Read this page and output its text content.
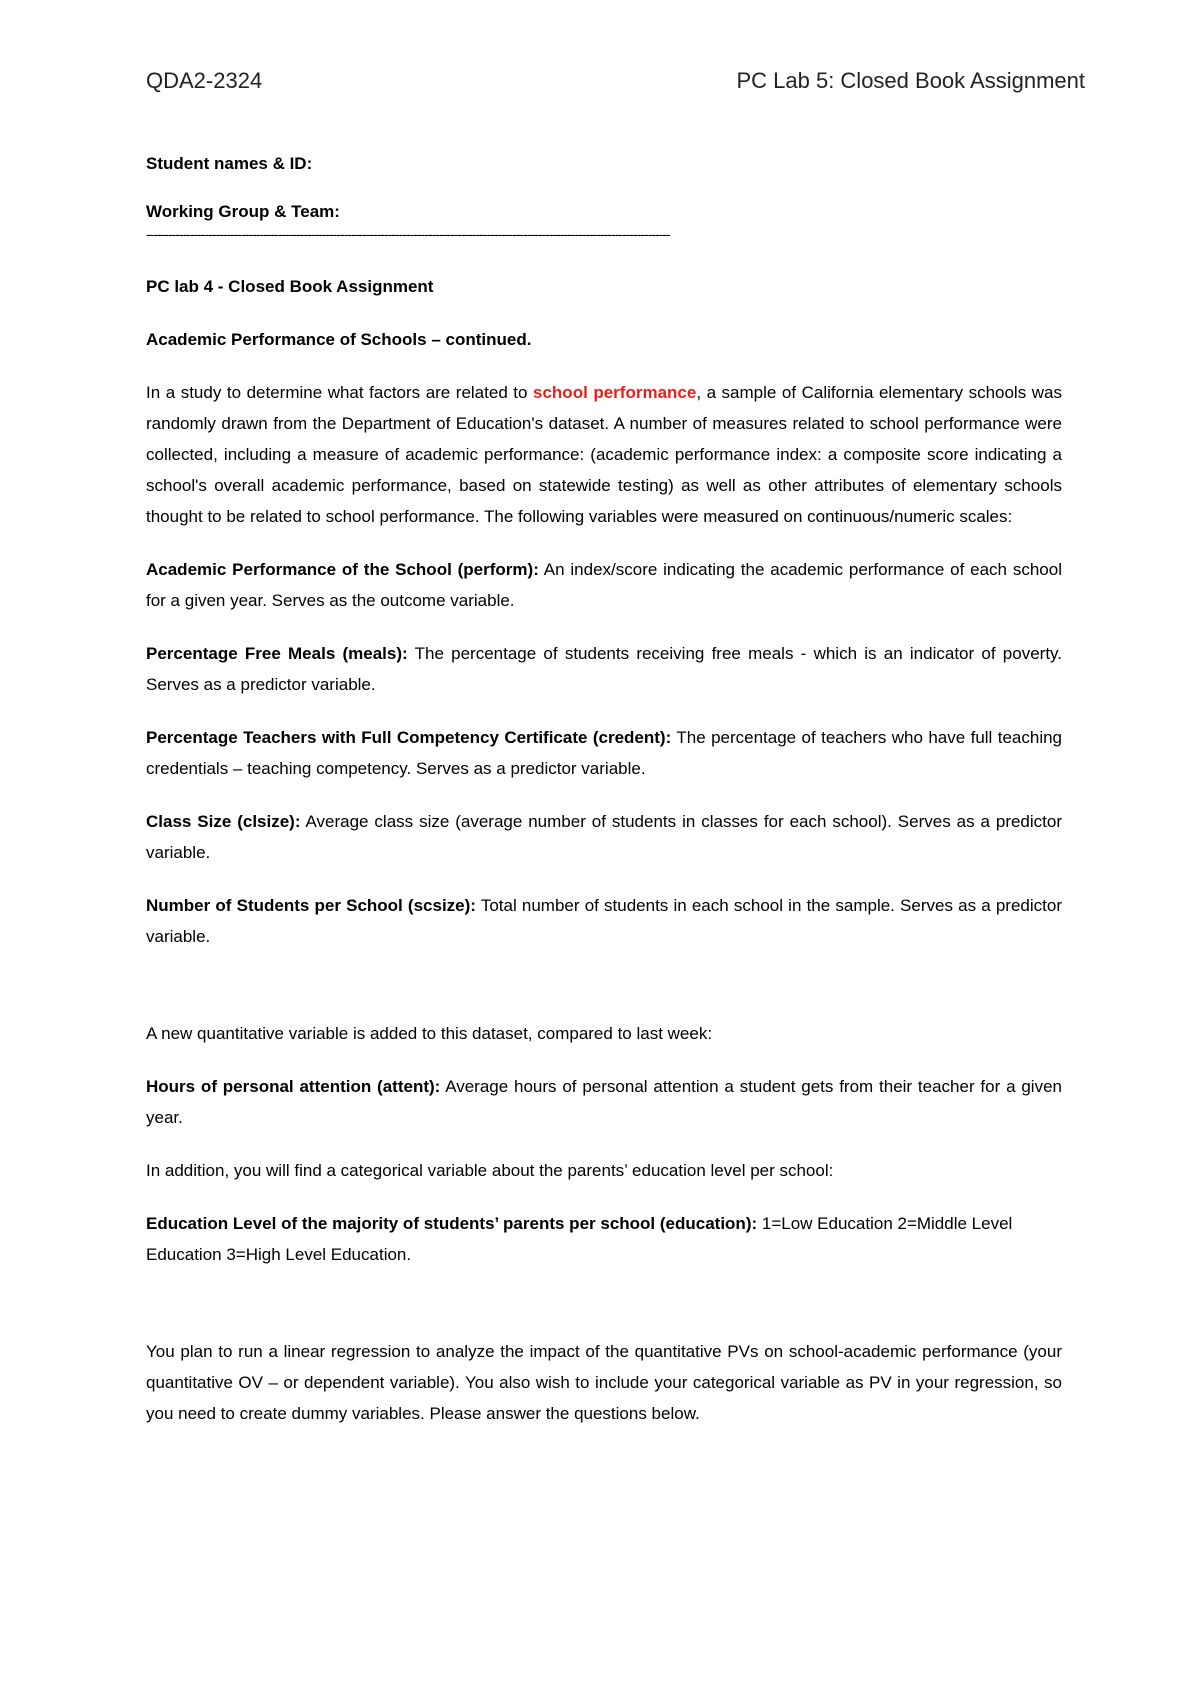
QDA2-2324	PC Lab 5: Closed Book Assignment

Student names & ID:

Working Group & Team:

-----------------------------------------------------------------------------------------------------------------------------------------------

PC lab 4 - Closed Book Assignment

Academic Performance of Schools – continued.

In a study to determine what factors are related to school performance, a sample of California elementary schools was randomly drawn from the Department of Education's dataset. A number of measures related to school performance were collected, including a measure of academic performance: (academic performance index: a composite score indicating a school's overall academic performance, based on statewide testing) as well as other attributes of elementary schools thought to be related to school performance. The following variables were measured on continuous/numeric scales:

Academic Performance of the School (perform): An index/score indicating the academic performance of each school for a given year. Serves as the outcome variable.

Percentage Free Meals (meals): The percentage of students receiving free meals - which is an indicator of poverty. Serves as a predictor variable.

Percentage Teachers with Full Competency Certificate (credent): The percentage of teachers who have full teaching credentials – teaching competency. Serves as a predictor variable.

Class Size (clsize): Average class size (average number of students in classes for each school). Serves as a predictor variable.

Number of Students per School (scsize): Total number of students in each school in the sample. Serves as a predictor variable.

A new quantitative variable is added to this dataset, compared to last week:

Hours of personal attention (attent): Average hours of personal attention a student gets from their teacher for a given year.

In addition, you will find a categorical variable about the parents’ education level per school:

Education Level of the majority of students’ parents per school (education): 1=Low Education 2=Middle Level Education 3=High Level Education.

You plan to run a linear regression to analyze the impact of the quantitative PVs on school-academic performance (your quantitative OV – or dependent variable). You also wish to include your categorical variable as PV in your regression, so you need to create dummy variables. Please answer the questions below.
